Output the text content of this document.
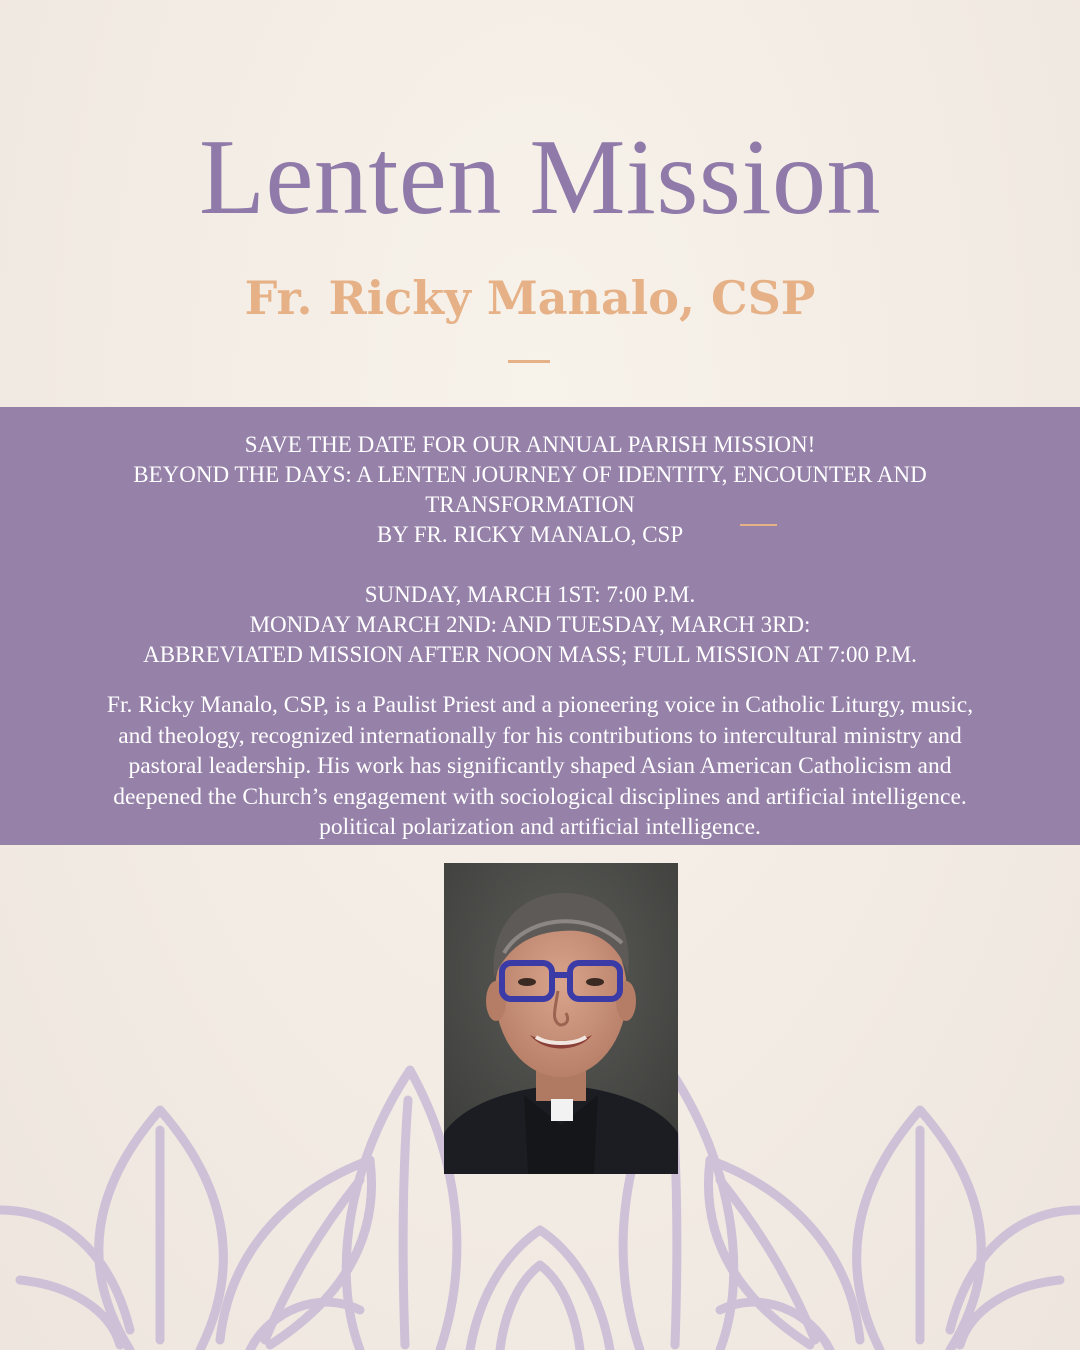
Lenten Mission
Fr. Ricky Manalo, CSP
SAVE THE DATE FOR OUR ANNUAL PARISH MISSION!
BEYOND THE DAYS: A LENTEN JOURNEY OF IDENTITY, ENCOUNTER AND
TRANSFORMATION
BY FR. RICKY MANALO, CSP
SUNDAY, MARCH 1ST: 7:00 P.M.
MONDAY MARCH 2ND: AND TUESDAY, MARCH 3RD:
ABBREVIATED MISSION AFTER NOON MASS; FULL MISSION AT 7:00 P.M.
Fr. Ricky Manalo, CSP, is a Paulist Priest and a pioneering voice in Catholic Liturgy, music,
and theology, recognized internationally for his contributions to intercultural ministry and
pastoral leadership. His work has significantly shaped Asian American Catholicism and
deepened the Church’s engagement with sociological disciplines and artificial intelligence.
political polarization and artificial intelligence.
